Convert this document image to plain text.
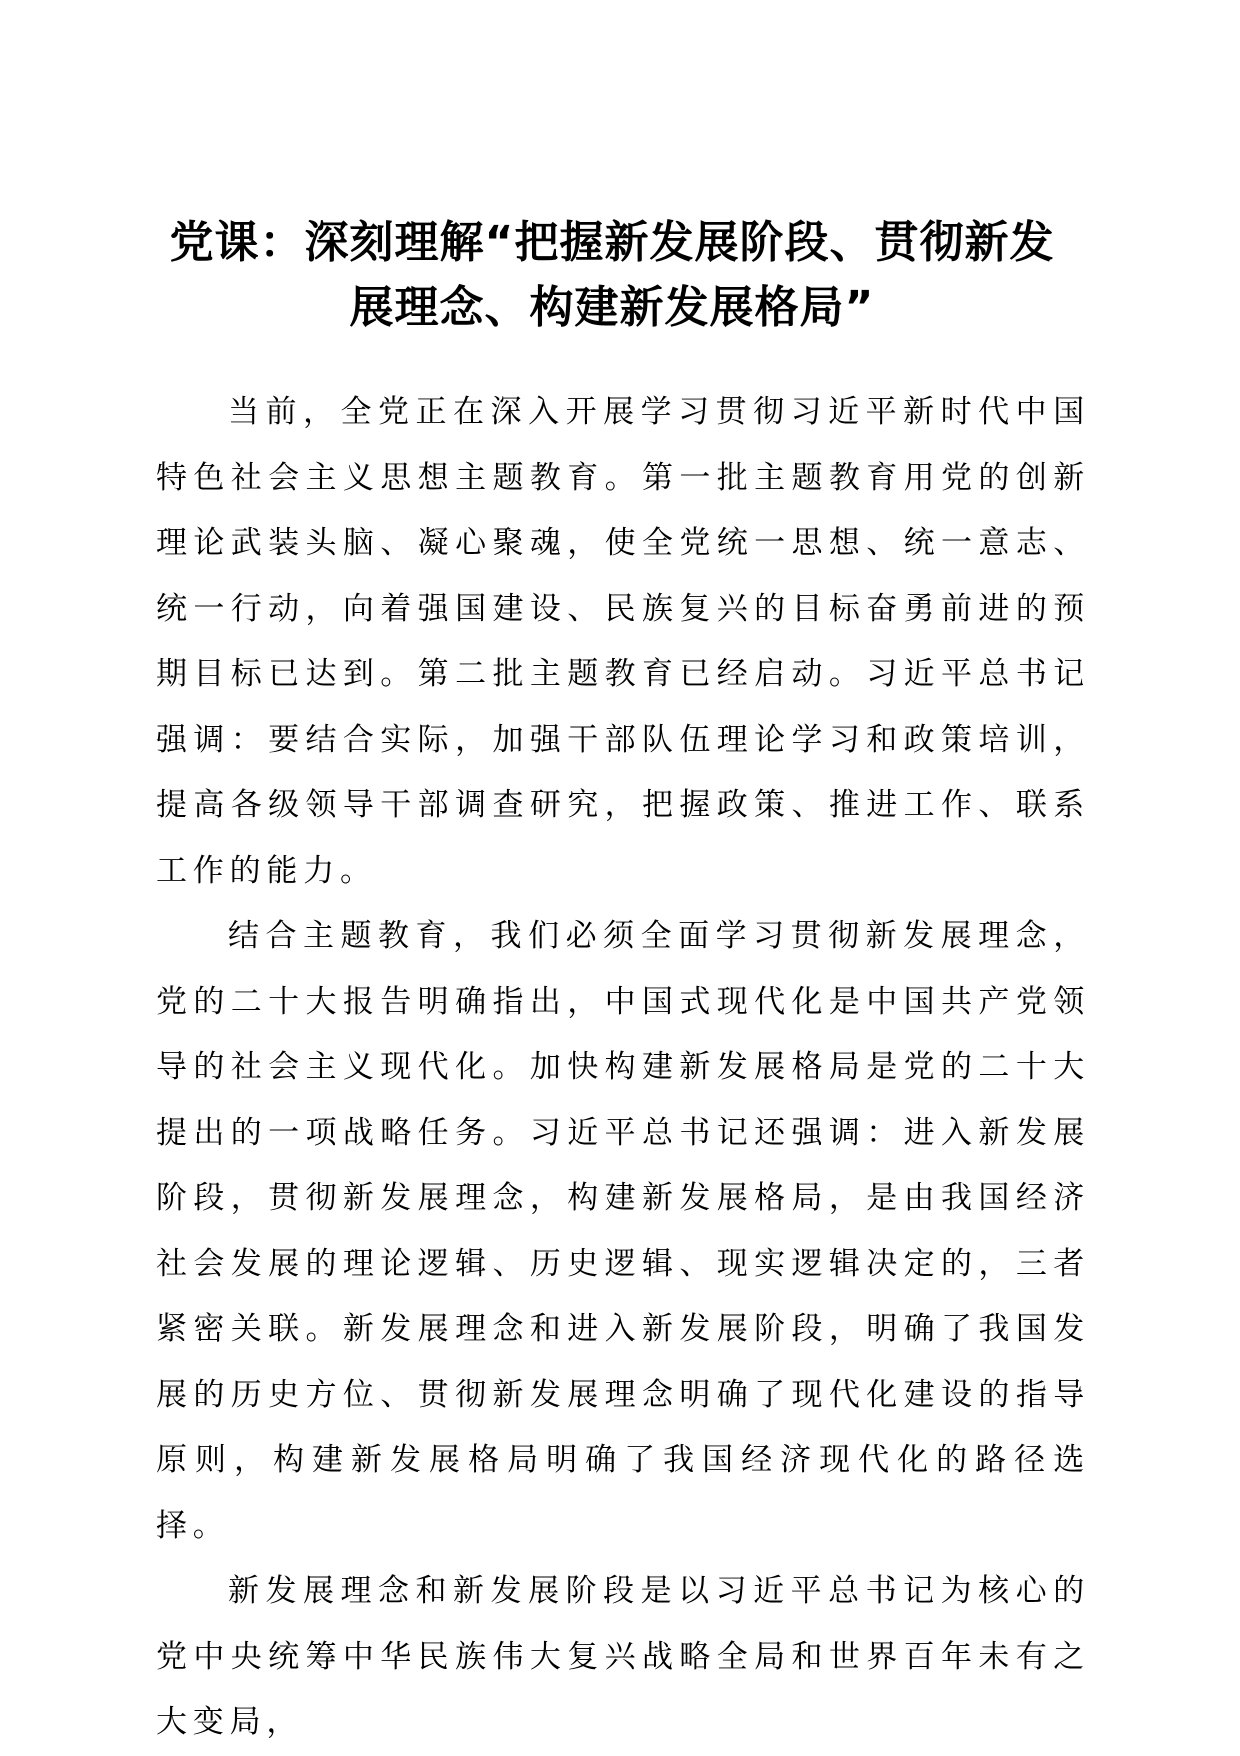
党课：深刻理解“把握新发展阶段、贯彻新发展理念、构建新发展格局”

当前，全党正在深入开展学习贯彻习近平新时代中国特色社会主义思想主题教育。第一批主题教育用党的创新理论武装头脑、凝心聚魂，使全党统一思想、统一意志、统一行动，向着强国建设、民族复兴的目标奋勇前进的预期目标已达到。第二批主题教育已经启动。习近平总书记强调：要结合实际，加强干部队伍理论学习和政策培训，提高各级领导干部调查研究，把握政策、推进工作、联系工作的能力。

结合主题教育，我们必须全面学习贯彻新发展理念，党的二十大报告明确指出，中国式现代化是中国共产党领导的社会主义现代化。加快构建新发展格局是党的二十大提出的一项战略任务。习近平总书记还强调：进入新发展阶段，贯彻新发展理念，构建新发展格局，是由我国经济社会发展的理论逻辑、历史逻辑、现实逻辑决定的，三者紧密关联。新发展理念和进入新发展阶段，明确了我国发展的历史方位、贯彻新发展理念明确了现代化建设的指导原则，构建新发展格局明确了我国经济现代化的路径选择。

新发展理念和新发展阶段是以习近平总书记为核心的党中央统筹中华民族伟大复兴战略全局和世界百年未有之大变局，
